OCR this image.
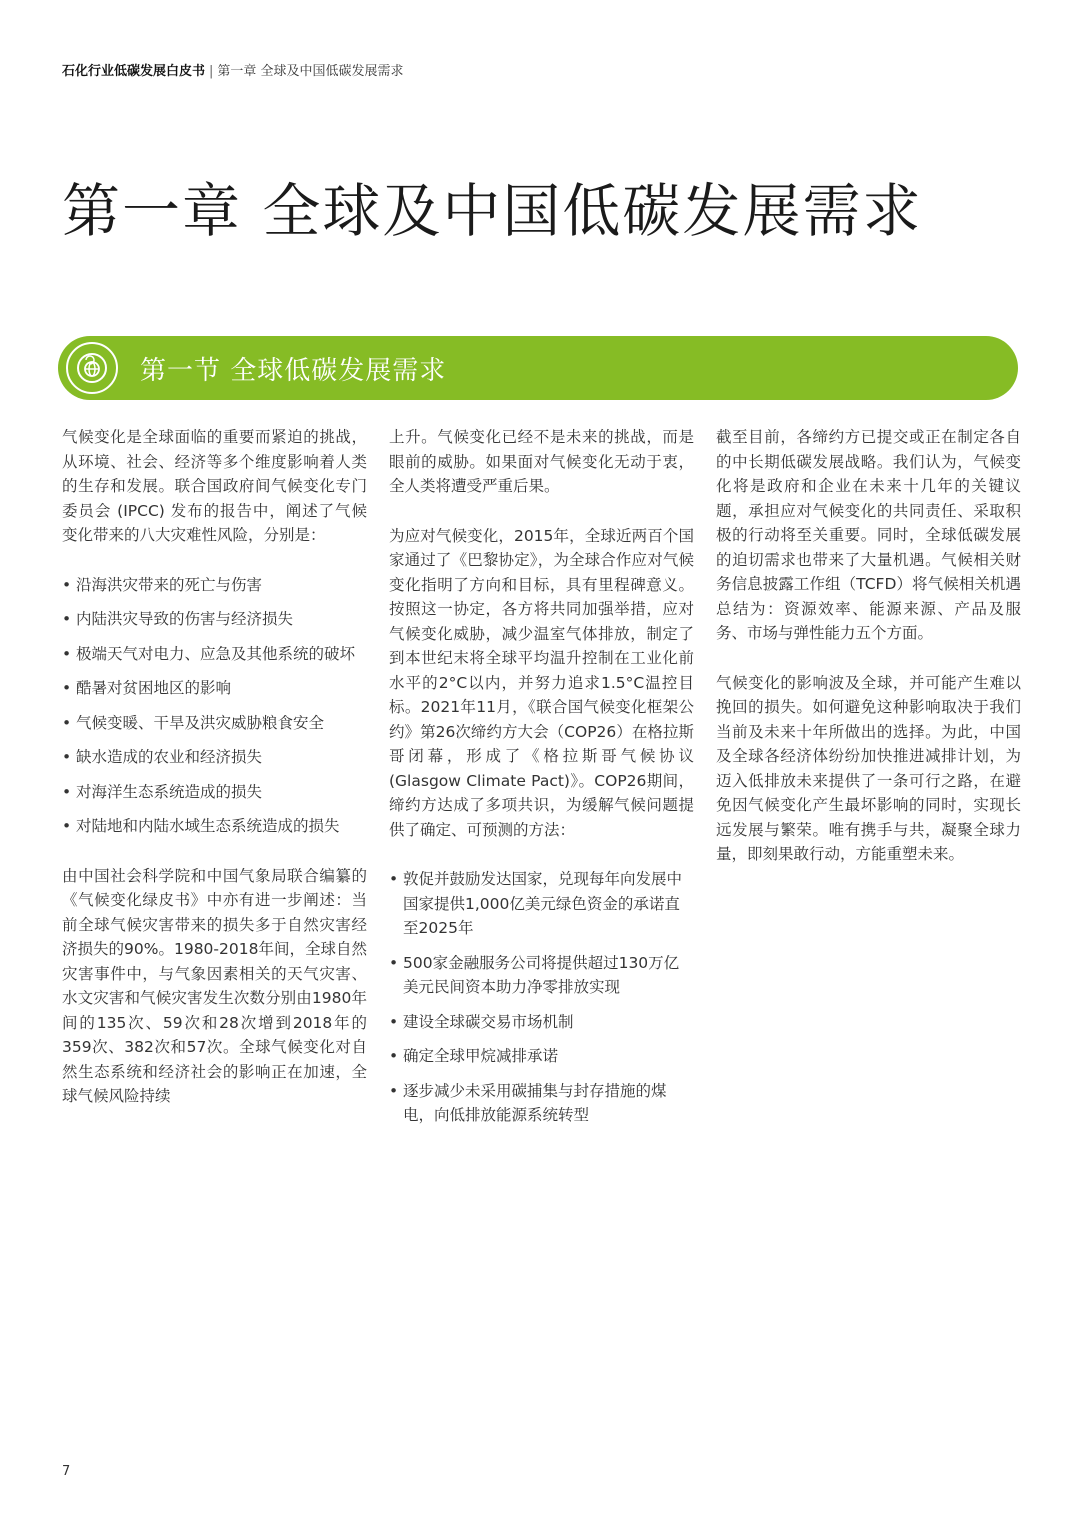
石化行业低碳发展白皮书 | 第一章 全球及中国低碳发展需求
第一章 全球及中国低碳发展需求
第一节 全球低碳发展需求

气候变化是全球面临的重要而紧迫的挑战，从环境、社会、经济等多个维度影响着人类的生存和发展。联合国政府间气候变化专门委员会 (IPCC) 发布的报告中，阐述了气候变化带来的八大灾难性风险，分别是：

• 沿海洪灾带来的死亡与伤害
• 内陆洪灾导致的伤害与经济损失
• 极端天气对电力、应急及其他系统的破坏
• 酷暑对贫困地区的影响
• 气候变暖、干旱及洪灾威胁粮食安全
• 缺水造成的农业和经济损失
• 对海洋生态系统造成的损失
• 对陆地和内陆水域生态系统造成的损失

由中国社会科学院和中国气象局联合编纂的《气候变化绿皮书》中亦有进一步阐述：当前全球气候灾害带来的损失多于自然灾害经济损失的90%。1980-2018年间，全球自然灾害事件中，与气象因素相关的天气灾害、水文灾害和气候灾害发生次数分别由1980年间的135次、59次和28次增到2018年的359次、382次和57次。全球气候变化对自然生态系统和经济社会的影响正在加速，全球气候风险持续

上升。气候变化已经不是未来的挑战，而是眼前的威胁。如果面对气候变化无动于衷，全人类将遭受严重后果。

为应对气候变化，2015年，全球近两百个国家通过了《巴黎协定》，为全球合作应对气候变化指明了方向和目标，具有里程碑意义。按照这一协定，各方将共同加强举措，应对气候变化威胁，减少温室气体排放，制定了到本世纪末将全球平均温升控制在工业化前水平的2°C以内，并努力追求1.5°C温控目标。2021年11月，《联合国气候变化框架公约》第26次缔约方大会（COP26）在格拉斯哥闭幕，形成了《格拉斯哥气候协议 (Glasgow Climate Pact)》。COP26期间，缔约方达成了多项共识，为缓解气候问题提供了确定、可预测的方法：

• 敦促并鼓励发达国家，兑现每年向发展中国家提供1,000亿美元绿色资金的承诺直至2025年
• 500家金融服务公司将提供超过130万亿美元民间资本助力净零排放实现
• 建设全球碳交易市场机制
• 确定全球甲烷减排承诺
• 逐步减少未采用碳捕集与封存措施的煤电，向低排放能源系统转型

截至目前，各缔约方已提交或正在制定各自的中长期低碳发展战略。我们认为，气候变化将是政府和企业在未来十几年的关键议题，承担应对气候变化的共同责任、采取积极的行动将至关重要。同时，全球低碳发展的迫切需求也带来了大量机遇。气候相关财务信息披露工作组（TCFD）将气候相关机遇总结为：资源效率、能源来源、产品及服务、市场与弹性能力五个方面。

气候变化的影响波及全球，并可能产生难以挽回的损失。如何避免这种影响取决于我们当前及未来十年所做出的选择。为此，中国及全球各经济体纷纷加快推进减排计划，为迈入低排放未来提供了一条可行之路，在避免因气候变化产生最坏影响的同时，实现长远发展与繁荣。唯有携手与共，凝聚全球力量，即刻果敢行动，方能重塑未来。

7
